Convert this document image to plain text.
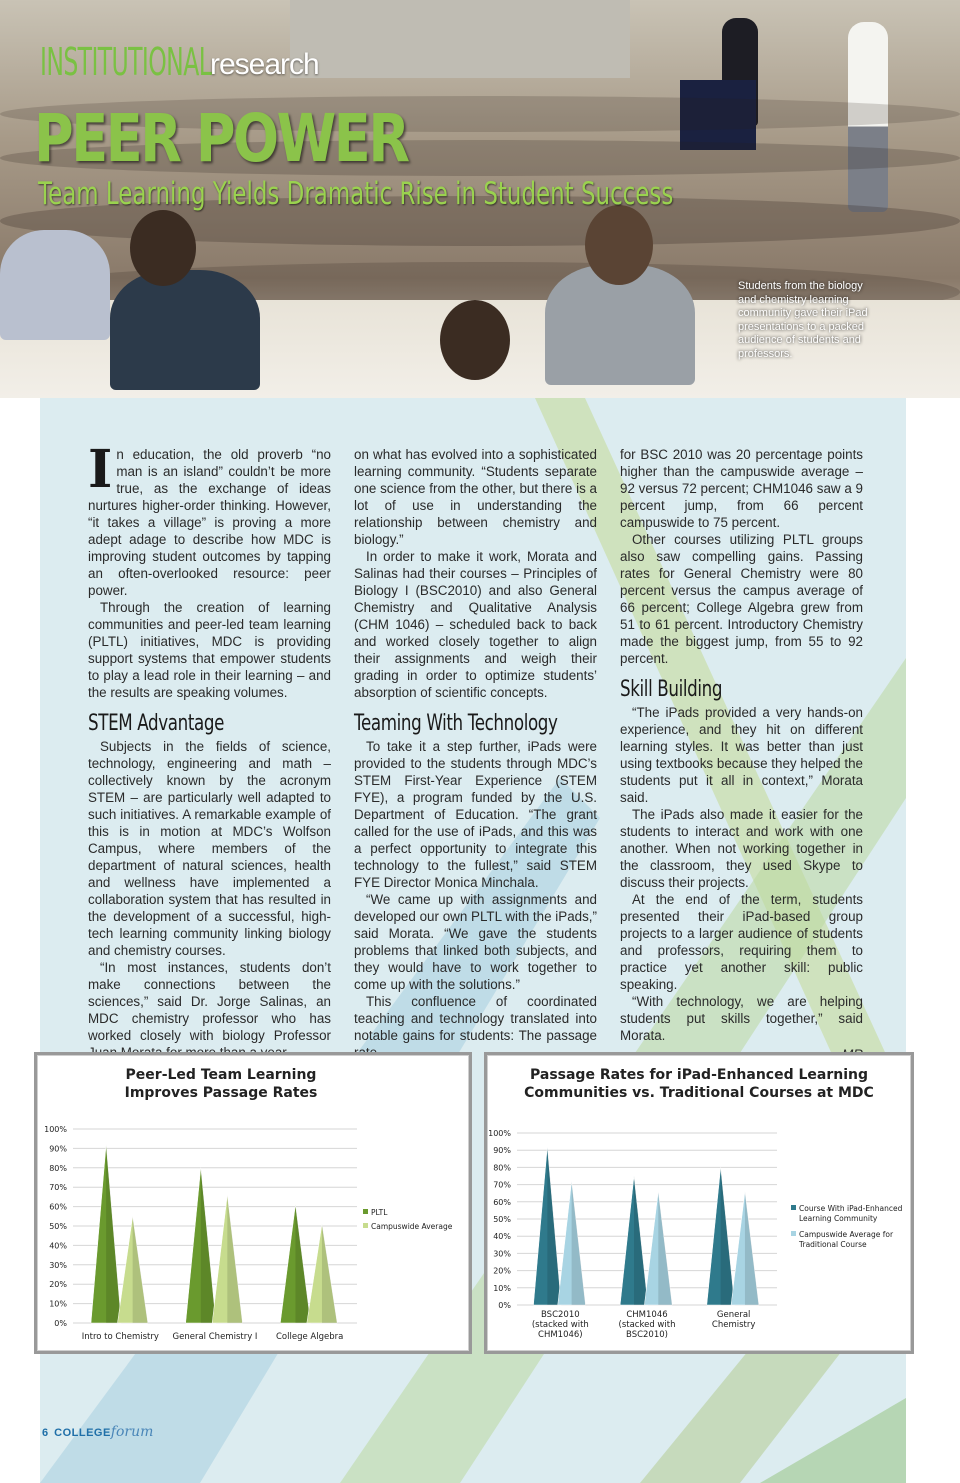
INSTITUTIONAL
research
PEER POWER
Team Learning Yields Dramatic Rise in Student Success
Students from the biology and chemistry learning community gave their iPad presentations to a packed audience of students and professors.

In education, the old proverb “no man is an island” couldn’t be more true, as the exchange of ideas nurtures higher-order thinking. However, “it takes a village” is proving a more adept adage to describe how MDC is improving student outcomes by tapping an often-overlooked resource: peer power.

Through the creation of learning communities and peer-led team learning (PLTL) initiatives, MDC is providing support systems that empower students to play a lead role in their learning – and the results are speaking volumes.

STEM Advantage

Subjects in the fields of science, technology, engineering and math – collectively known by the acronym STEM – are particularly well adapted to such initiatives. A remarkable example of this is in motion at MDC’s Wolfson Campus, where members of the department of natural sciences, health and wellness have implemented a collaboration system that has resulted in the development of a successful, high-tech learning community linking biology and chemistry courses.

“In most instances, students don’t make connections between the sciences,” said Dr. Jorge Salinas, an MDC chemistry professor who has worked closely with biology Professor

on what has evolved into a sophisticated learning community. “Students separate one science from the other, but there is a lot of use in understanding the relationship between chemistry and biology.”

In order to make it work, Morata and Salinas had their courses – Principles of Biology I (BSC2010) and also General Chemistry and Qualitative Analysis (CHM 1046) – scheduled back to back and worked closely together to align their assignments and weigh their grading in order to optimize students’ absorption of scientific concepts.

Teaming With Technology

To take it a step further, iPads were provided to the students through MDC’s STEM First-Year Experience (STEM FYE), a program funded by the U.S. Department of Education. “The grant called for the use of iPads, and this was a perfect opportunity to integrate this technology to the fullest,” said STEM FYE Director Monica Minchala.

“We came up with assignments and developed our own PLTL with the iPads,” said Morata. “We gave the students problems that linked both subjects, and they would have to work together to come up with the solutions.”

This confluence of coordinated teaching and technology translated into notable gains for students: The passage

for BSC 2010 was 20 percentage points higher than the campuswide average – 92 versus 72 percent; CHM1046 saw a 9 percent jump, from 66 percent campuswide to 75 percent.

Other courses utilizing PLTL groups also saw compelling gains. Passing rates for General Chemistry were 80 percent versus the campus average of 66 percent; College Algebra grew from 51 to 61 percent. Introductory Chemistry made the biggest jump, from 55 to 92 percent.

Skill Building

“The iPads provided a very hands-on experience, and they hit on different learning styles. It was better than just using textbooks because they helped the students put it all in context,” Morata said.

The iPads also made it easier for the students to interact and work with one another. When not working together in the classroom, they used Skype to discuss their projects.

At the end of the term, students presented their iPad-based group projects to a larger audience of students and professors, requiring them to practice yet another skill: public speaking.

“With technology, we are helping students put skills together,” said Morata.

Peer-Led Team Learning
Improves Passage Rates
0%
10%
20%
30%
40%
50%
60%
70%
80%
90%
100%
Intro to Chemistry General Chemistry I College Algebra
PLTL
Campuswide Average
Passage Rates for iPad-Enhanced Learning
Communities vs. Traditional Courses at MDC
0%
10%
20%
30%
40%
50%
60%
70%
80%
90%
100%
BSC2010
(stacked with
CHM1046)
CHM1046
(stacked with
BSC2010)
General
Chemistry
Course With iPad-Enhanced
Learning Community
Campuswide Average for
Traditional Course
6 COLLEGEforum
